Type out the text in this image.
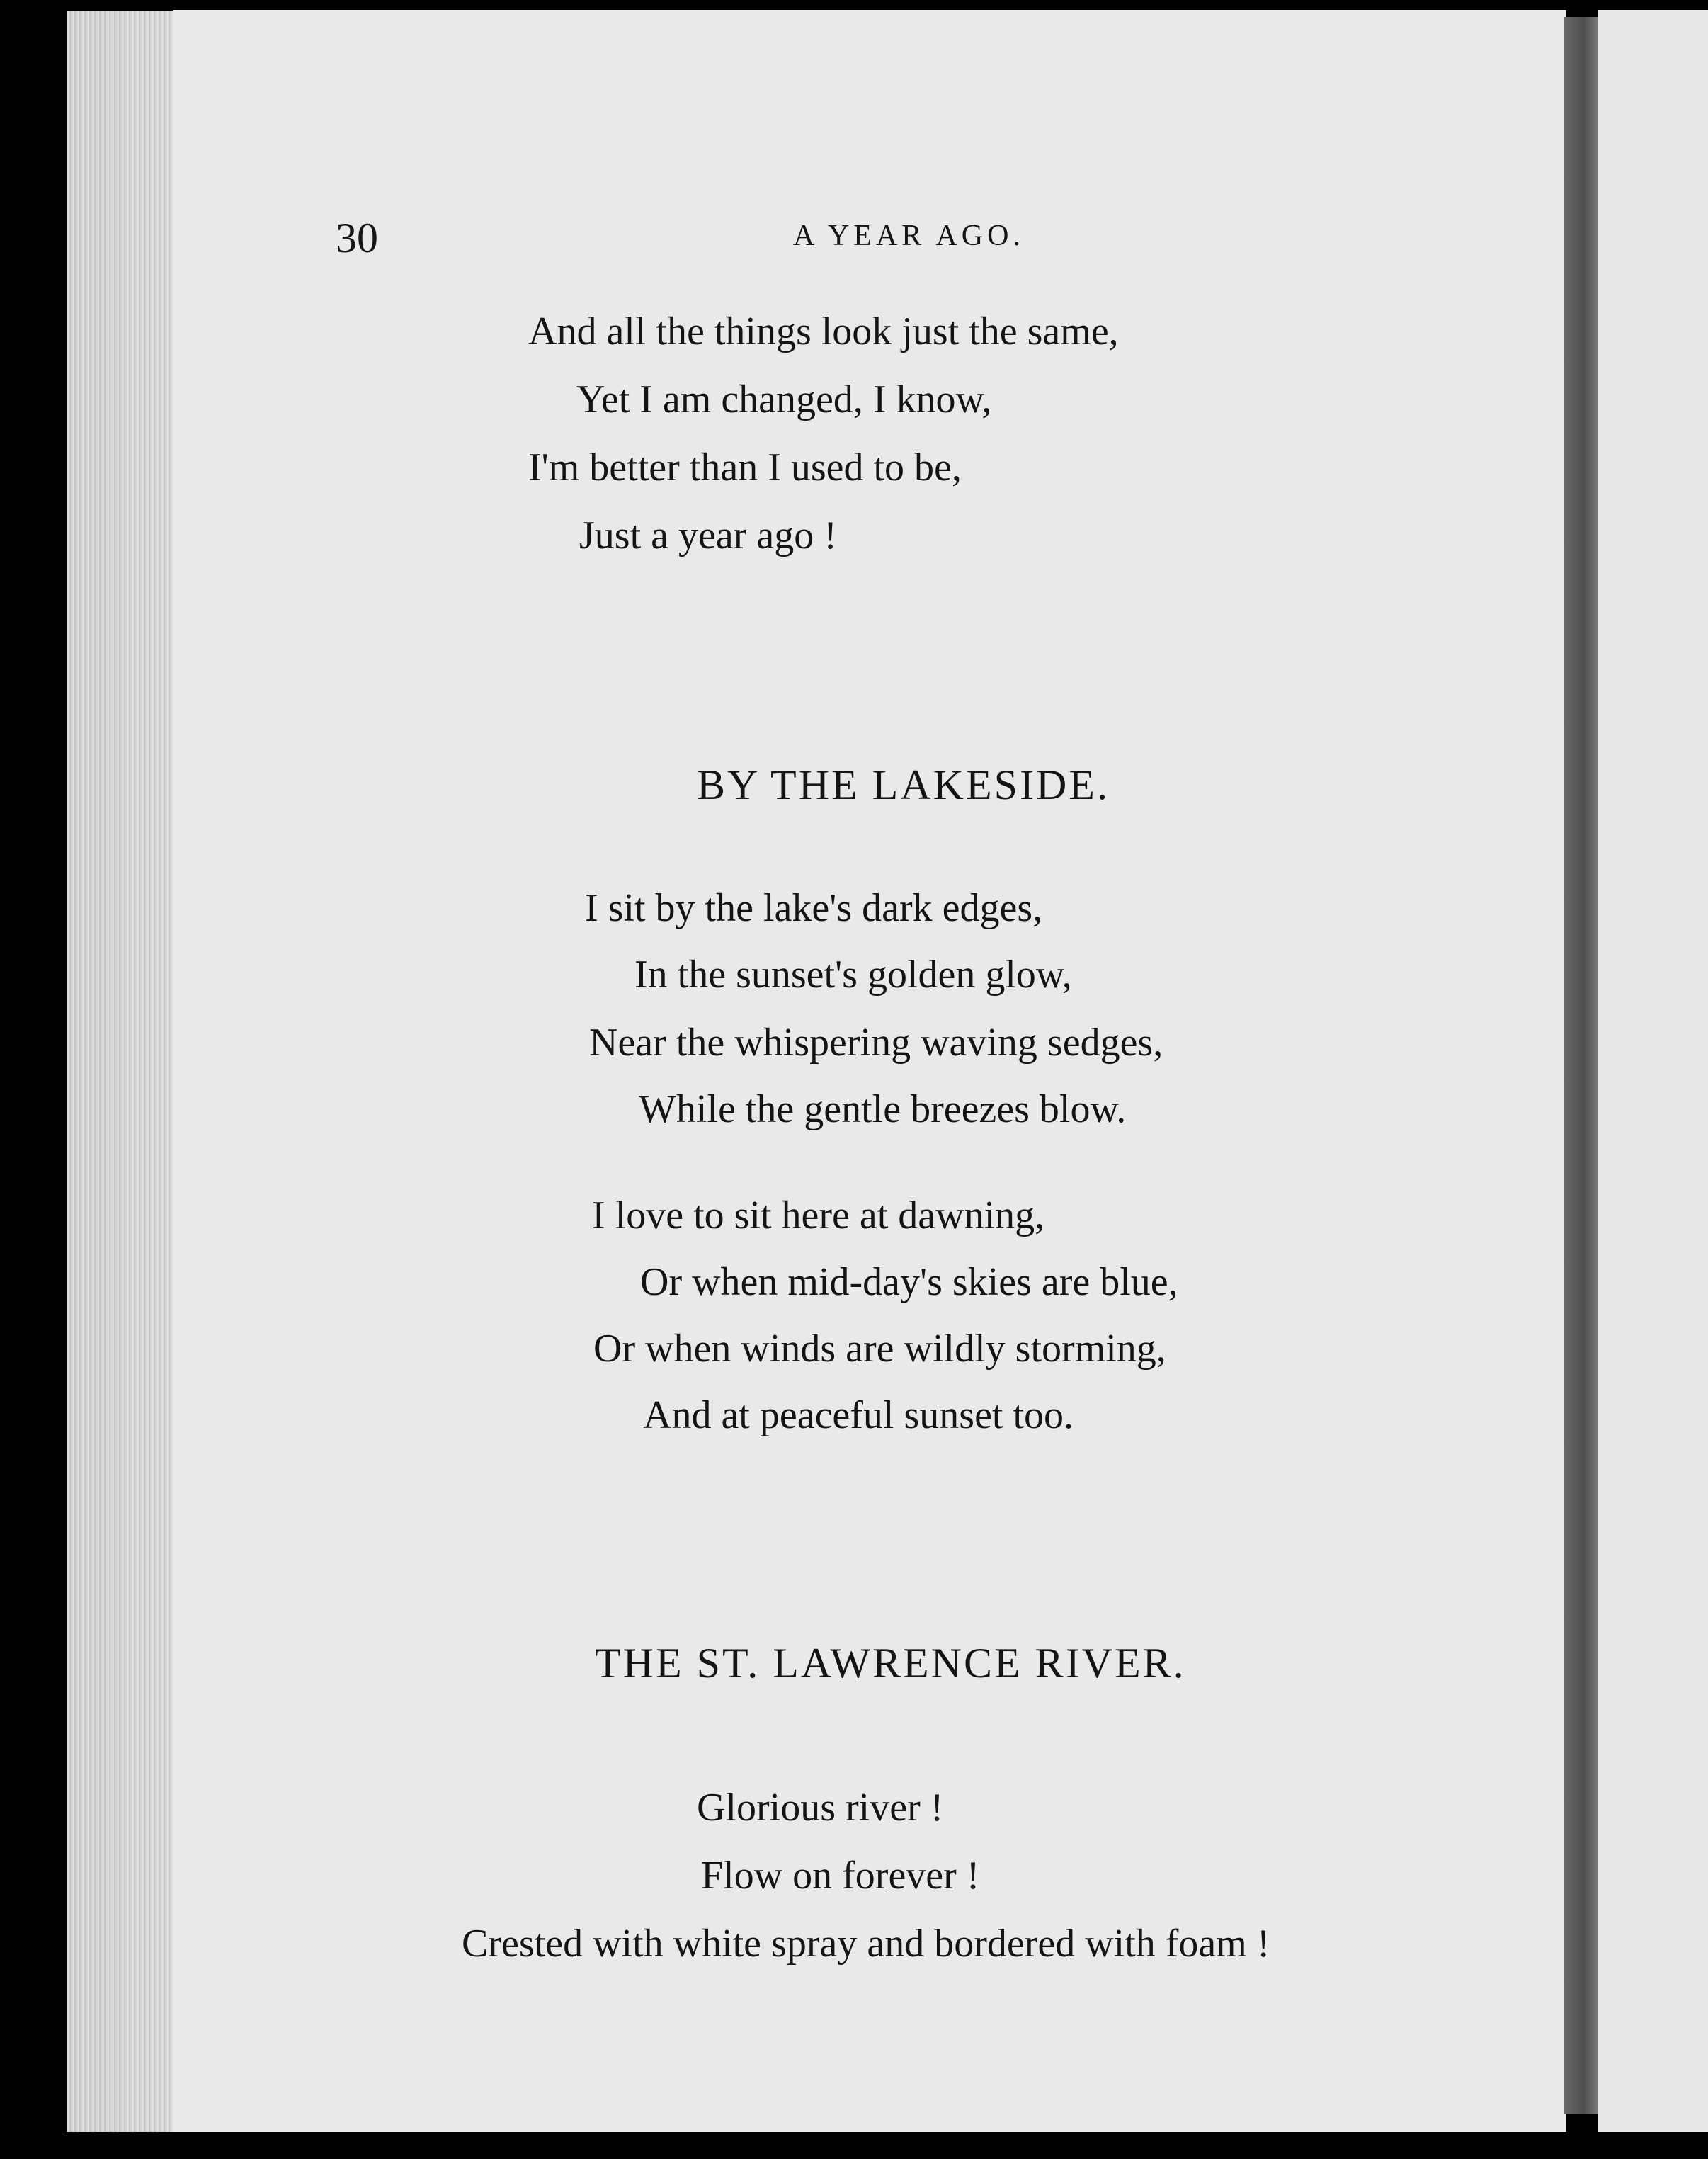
30	A YEAR AGO.

And all the things look just the same,

Yet I am changed, I know,

I'm better than I used to be,

Just a year ago !

BY THE LAKESIDE.

I sit by the lake's dark edges,

In the sunset's golden glow,

Near the whispering waving sedges,

While the gentle breezes blow.

I love to sit here at dawning,

Or when mid-day's skies are blue,

Or when winds are wildly storming,

And at peaceful sunset too.

THE ST. LAWRENCE RIVER.

Glorious river !

Flow on forever !

Crested with white spray and bordered with foam !
